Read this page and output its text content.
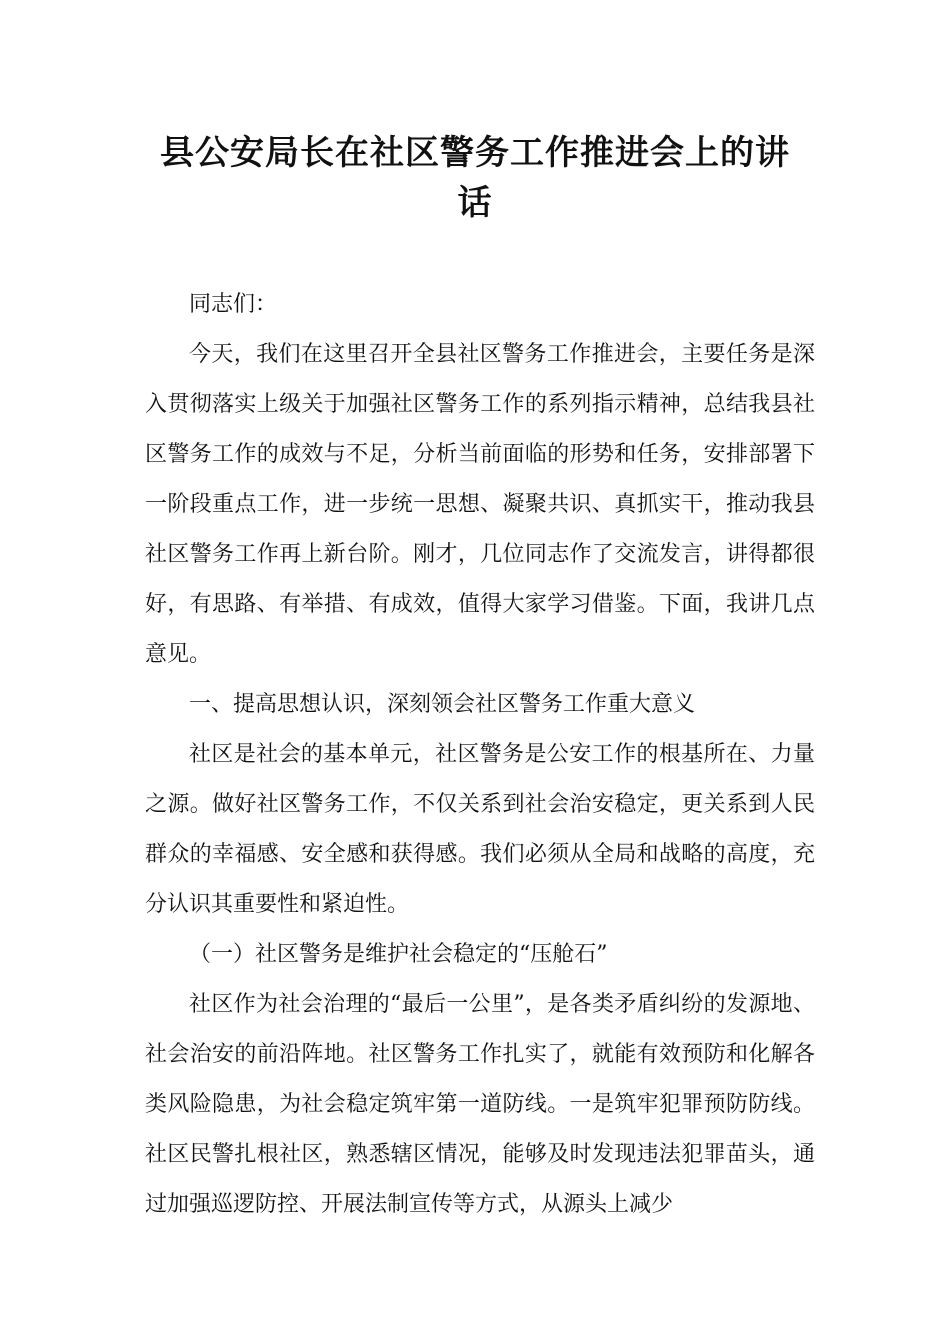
县公安局长在社区警务工作推进会上的讲
话

同志们：

今天，我们在这里召开全县社区警务工作推进会，主要任务是深入贯彻落实上级关于加强社区警务工作的系列指示精神，总结我县社区警务工作的成效与不足，分析当前面临的形势和任务，安排部署下一阶段重点工作，进一步统一思想、凝聚共识、真抓实干，推动我县社区警务工作再上新台阶。刚才，几位同志作了交流发言，讲得都很好，有思路、有举措、有成效，值得大家学习借鉴。下面，我讲几点意见。

一、提高思想认识，深刻领会社区警务工作重大意义

社区是社会的基本单元，社区警务是公安工作的根基所在、力量之源。做好社区警务工作，不仅关系到社会治安稳定，更关系到人民群众的幸福感、安全感和获得感。我们必须从全局和战略的高度，充分认识其重要性和紧迫性。

（一）社区警务是维护社会稳定的“压舱石”

社区作为社会治理的“最后一公里”，是各类矛盾纠纷的发源地、社会治安的前沿阵地。社区警务工作扎实了，就能有效预防和化解各类风险隐患，为社会稳定筑牢第一道防线。一是筑牢犯罪预防防线。社区民警扎根社区，熟悉辖区情况，能够及时发现违法犯罪苗头，通过加强巡逻防控、开展法制宣传等方式，从源头上减少
